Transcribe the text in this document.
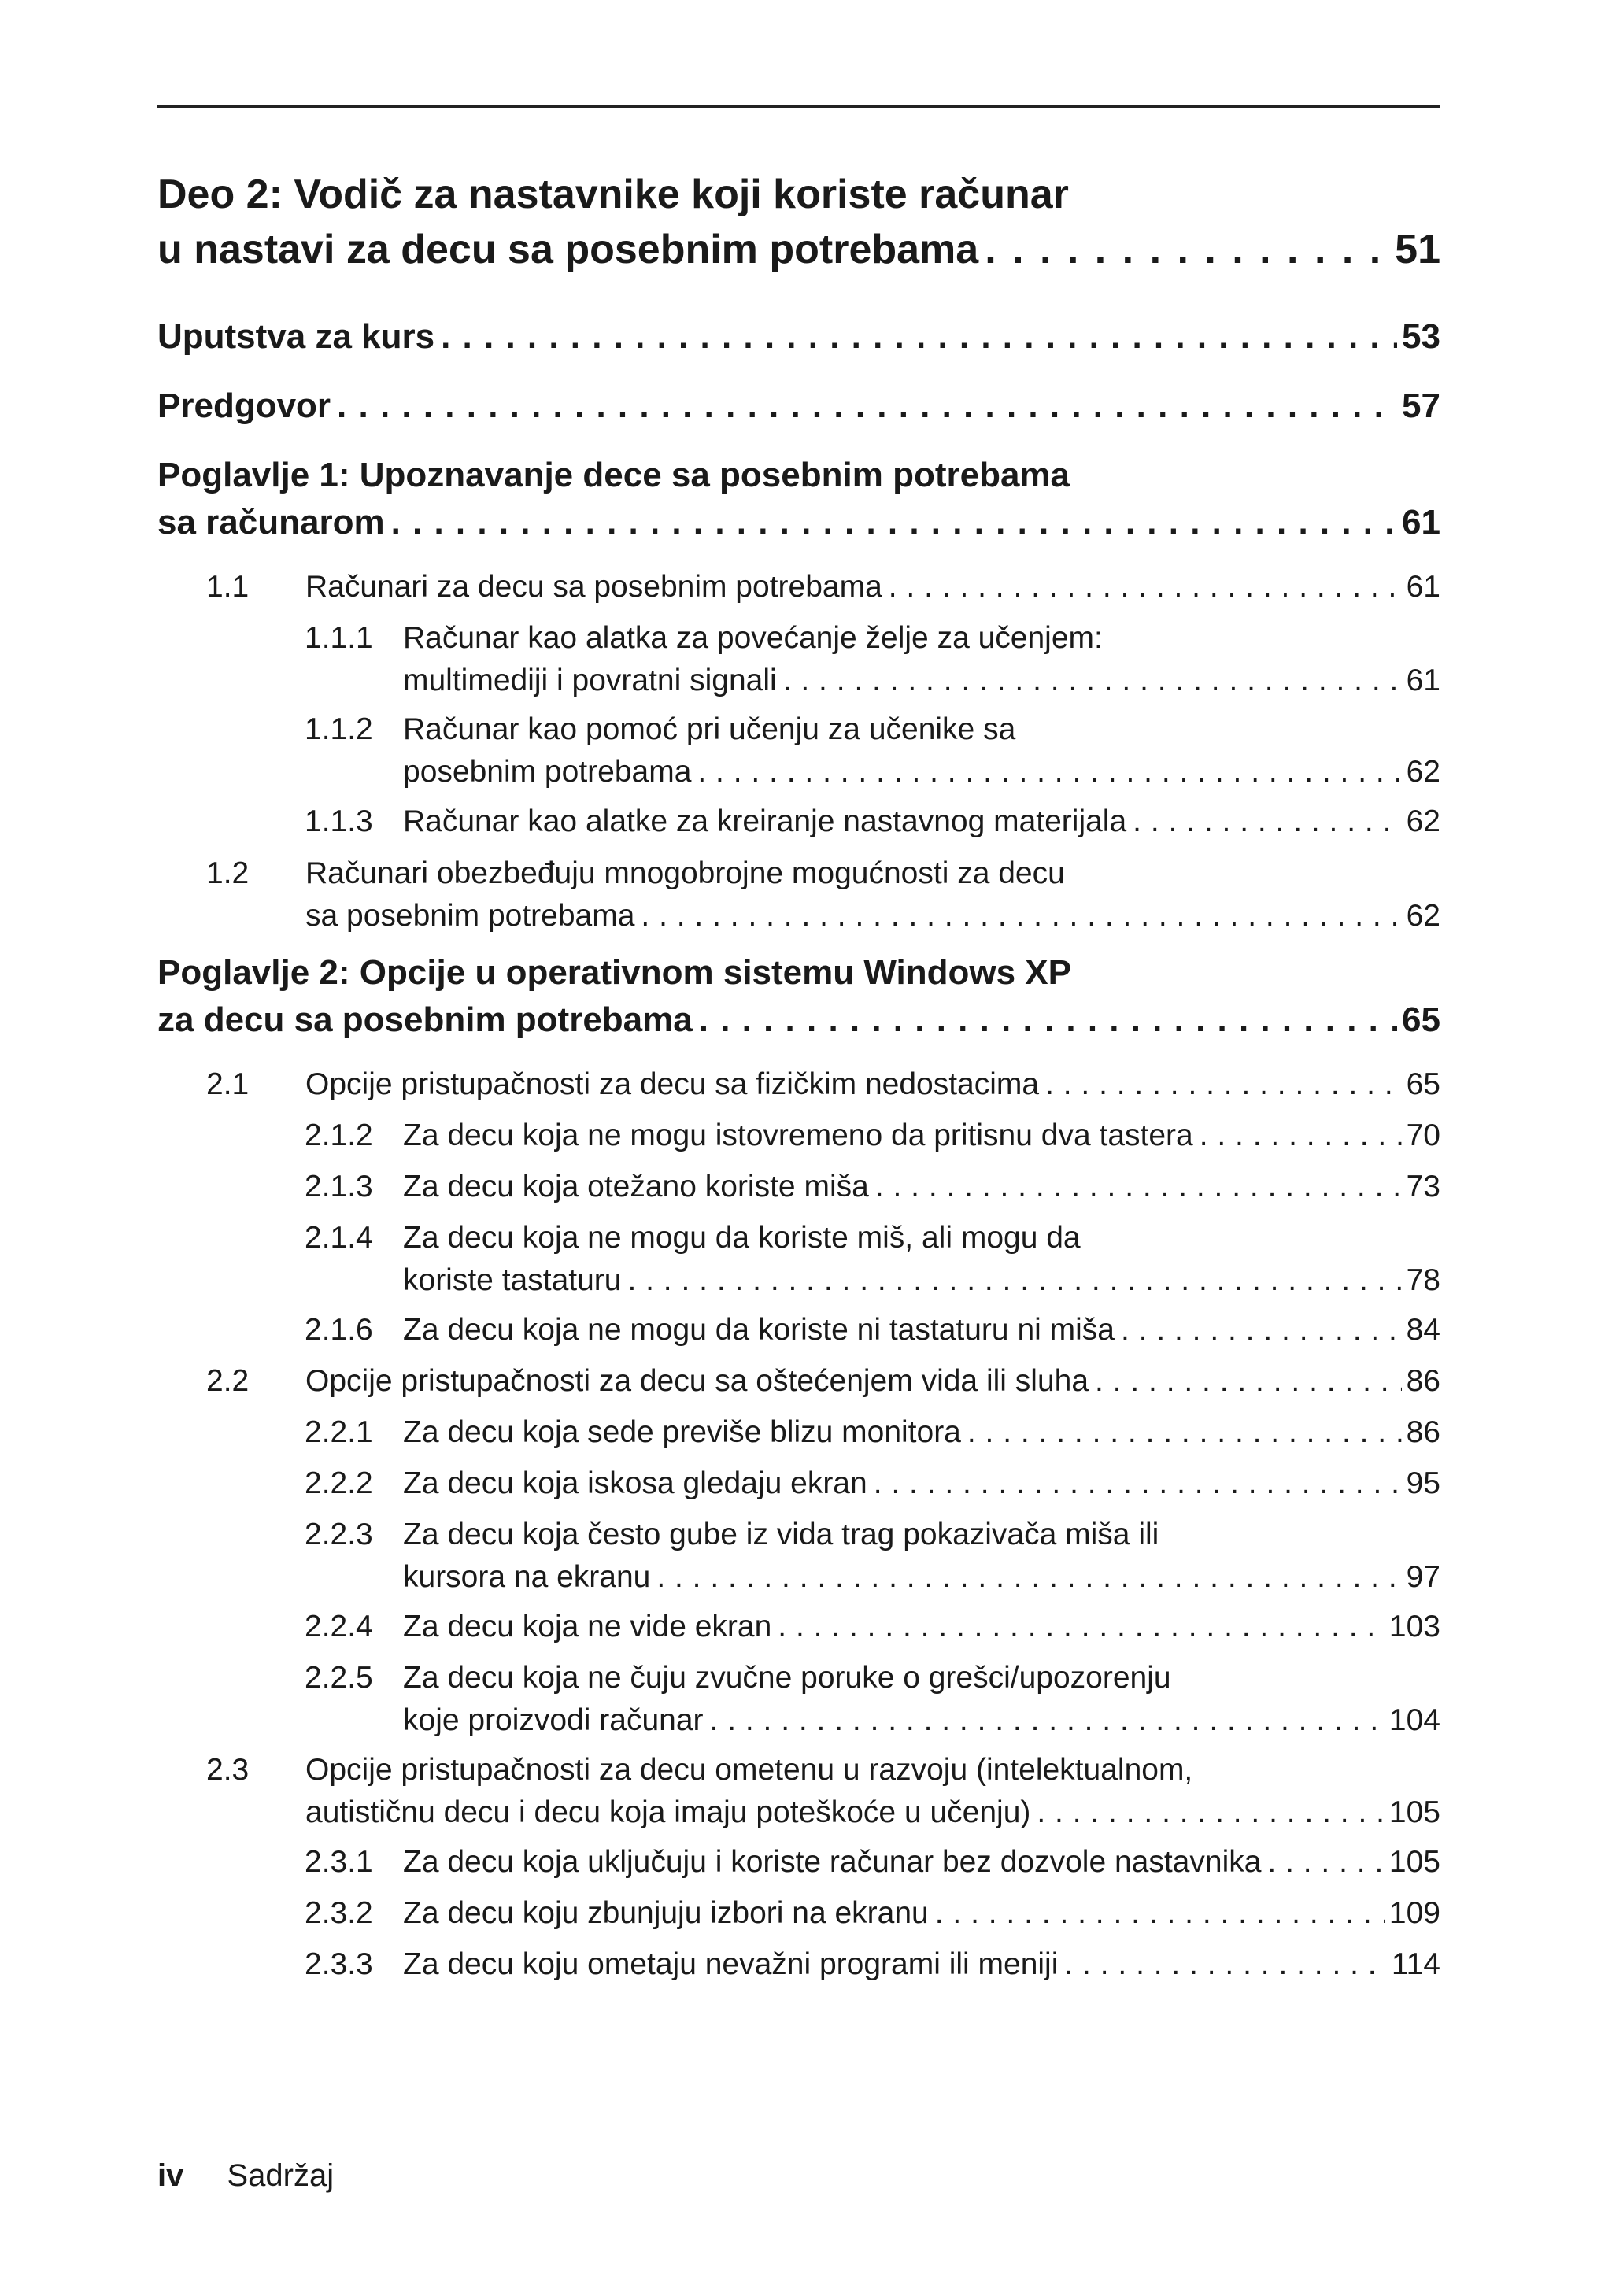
Deo 2: Vodič za nastavnike koji koriste računar
u nastavi za decu sa posebnim potrebama . . .	51
Uputstva za kurs . . .	53
Predgovor . . .	57
Poglavlje 1: Upoznavanje dece sa posebnim potrebama
sa računarom . . .	61
1.1 Računari za decu sa posebnim potrebama . . .	61
1.1.1 Računar kao alatka za povećanje želje za učenjem:
multimediji i povratni signali . . .	61
1.1.2 Računar kao pomoć pri učenju za učenike sa
posebnim potrebama . . .	62
1.1.3 Računar kao alatke za kreiranje nastavnog materijala . . .	62
1.2 Računari obezbeđuju mnogobrojne mogućnosti za decu
sa posebnim potrebama . . .	62
Poglavlje 2: Opcije u operativnom sistemu Windows XP
za decu sa posebnim potrebama . . .	65
2.1 Opcije pristupačnosti za decu sa fizičkim nedostacima . . .	65
2.1.2 Za decu koja ne mogu istovremeno da pritisnu dva tastera . . .	70
2.1.3 Za decu koja otežano koriste miša . . .	73
2.1.4 Za decu koja ne mogu da koriste miš, ali mogu da
koriste tastaturu . . .	78
2.1.6 Za decu koja ne mogu da koriste ni tastaturu ni miša . . .	84
2.2 Opcije pristupačnosti za decu sa oštećenjem vida ili sluha . . .	86
2.2.1 Za decu koja sede previše blizu monitora . . .	86
2.2.2 Za decu koja iskosa gledaju ekran . . .	95
2.2.3 Za decu koja često gube iz vida trag pokazivača miša ili
kursora na ekranu . . .	97
2.2.4 Za decu koja ne vide ekran . . .	103
2.2.5 Za decu koja ne čuju zvučne poruke o grešci/upozorenju
koje proizvodi računar . . .	104
2.3 Opcije pristupačnosti za decu ometenu u razvoju (intelektualnom,
autističnu decu i decu koja imaju poteškoće u učenju) . . .	105
2.3.1 Za decu koja uključuju i koriste računar bez dozvole nastavnika . . .	105
2.3.2 Za decu koju zbunjuju izbori na ekranu . . .	109
2.3.3 Za decu koju ometaju nevažni programi ili meniji . . .	114
iv Sadržaj
